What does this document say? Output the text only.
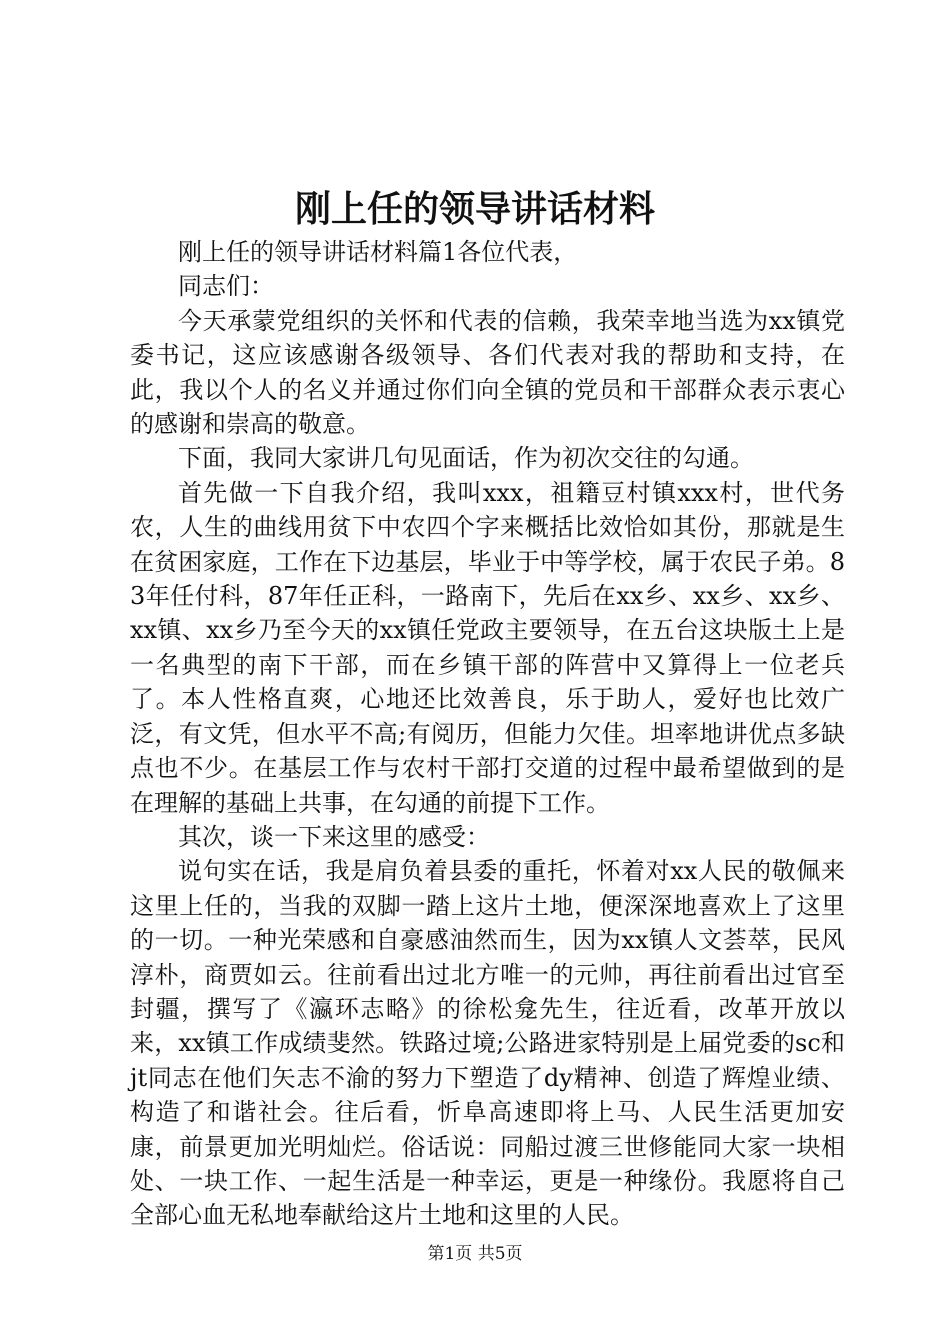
刚上任的领导讲话材料

刚上任的领导讲话材料篇1各位代表，

同志们：

今天承蒙党组织的关怀和代表的信赖，我荣幸地当选为xx镇党委书记，这应该感谢各级领导、各们代表对我的帮助和支持，在此，我以个人的名义并通过你们向全镇的党员和干部群众表示衷心的感谢和崇高的敬意。

下面，我同大家讲几句见面话，作为初次交往的勾通。

首先做一下自我介绍，我叫xxx，祖籍豆村镇xxx村，世代务农，人生的曲线用贫下中农四个字来概括比效恰如其份，那就是生在贫困家庭，工作在下边基层，毕业于中等学校，属于农民子弟。83年任付科，87年任正科，一路南下，先后在xx乡、xx乡、xx乡、xx镇、xx乡乃至今天的xx镇任党政主要领导，在五台这块版土上是一名典型的南下干部，而在乡镇干部的阵营中又算得上一位老兵了。本人性格直爽，心地还比效善良，乐于助人，爱好也比效广泛，有文凭，但水平不高;有阅历，但能力欠佳。坦率地讲优点多缺点也不少。在基层工作与农村干部打交道的过程中最希望做到的是在理解的基础上共事，在勾通的前提下工作。

其次，谈一下来这里的感受：

说句实在话，我是肩负着县委的重托，怀着对xx人民的敬佩来这里上任的，当我的双脚一踏上这片土地，便深深地喜欢上了这里的一切。一种光荣感和自豪感油然而生，因为xx镇人文荟萃，民风淳朴，商贾如云。往前看出过北方唯一的元帅，再往前看出过官至封疆，撰写了《瀛环志略》的徐松龛先生，往近看，改革开放以来，xx镇工作成绩斐然。铁路过境;公路进家特别是上届党委的sc和jt同志在他们矢志不渝的努力下塑造了dy精神、创造了辉煌业绩、构造了和谐社会。往后看，忻阜高速即将上马、人民生活更加安康，前景更加光明灿烂。俗话说：同船过渡三世修能同大家一块相处、一块工作、一起生活是一种幸运，更是一种缘份。我愿将自己全部心血无私地奉献给这片土地和这里的人民。

第1页 共5页
